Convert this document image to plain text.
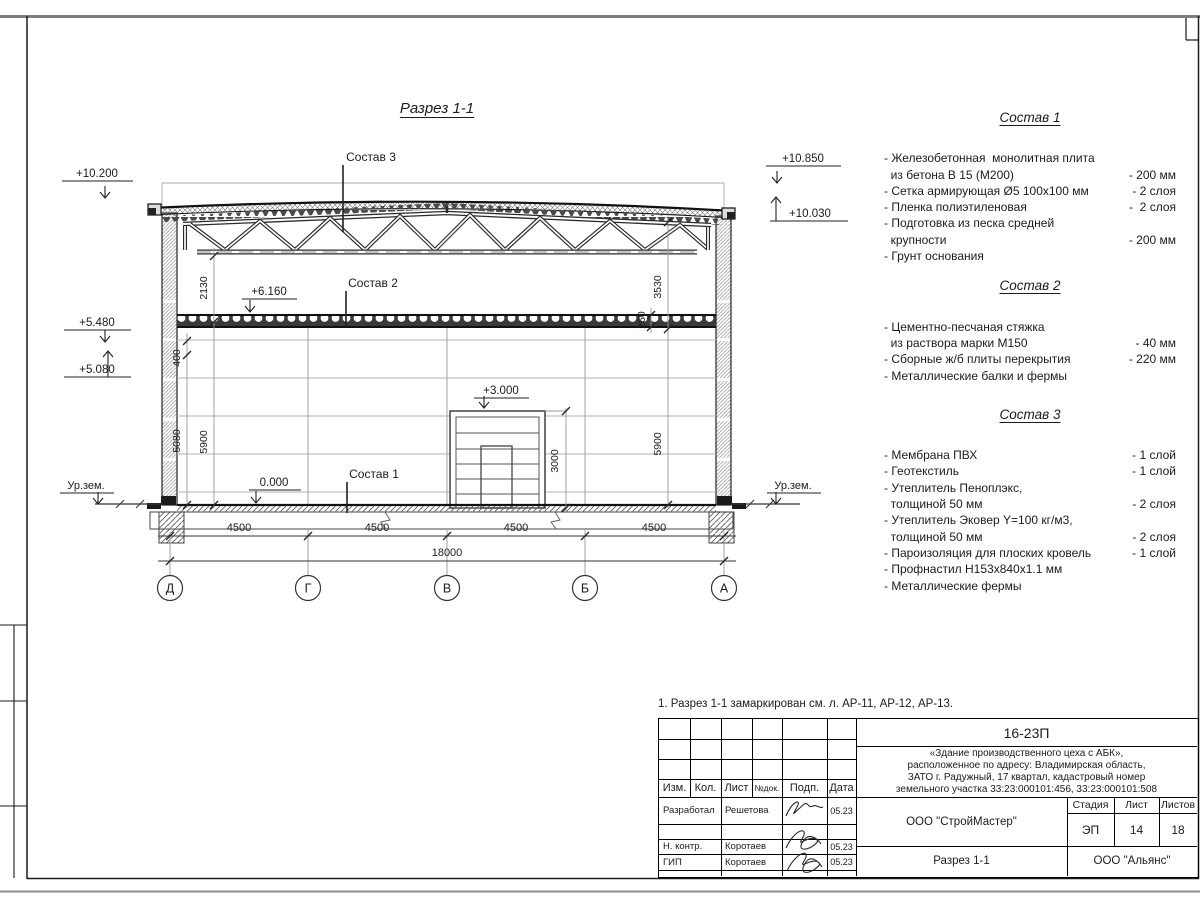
4500	4500	4500	4500
18000
Д	Г	В	Б	А
400
5080
2130
5900
260
3530
5900
3000
+10.200
+5.480
+5.080
Ур.зем.
+10.850
+10.030
+6.160
+3.000
0.000	Ур.зем.
Состав 3
Состав 2
Состав 1
Разрез 1-1
Состав 1
- Железобетонная  монолитная плита
из бетона В 15 (М200)	- 200 мм
- Сетка армирующая Ø5 100х100 мм	- 2 слоя
- Пленка полиэтиленовая	-  2 слоя
- Подготовка из песка средней
крупности	- 200 мм
- Грунт основания
Состав 2
- Цементно-песчаная стяжка
из раствора марки М150	- 40 мм
- Сборные ж/б плиты перекрытия	- 220 мм
- Металлические балки и фермы
Состав 3
- Мембрана ПВХ	- 1 слой
- Геотекстиль	- 1 слой
- Утеплитель Пеноплэкс,
толщиной 50 мм	- 2 слоя
- Утеплитель Эковер Y=100 кг/м3,
толщиной 50 мм	- 2 слоя
- Пароизоляция для плоских кровель	- 1 слой
- Профнастил Н153х840х1.1 мм
- Металлические фермы
1. Разрез 1-1 замаркирован см. л. АР-11, АР-12, АР-13.
Изм. Кол. Лист №док. Подп. Дата
Разработал	Решетова	05.23
Н. контр.	Коротаев	05.23
ГИП	Коротаев	05.23
16-23П
«Здание производственного цеха с АБК»,
расположенное по адресу: Владимирская область,
ЗАТО г. Радужный, 17 квартал, кадастровый номер
земельного участка 33:23:000101:456, 33:23:000101:508
ООО "СтройМастер"
Разрез 1-1
Стадия	Лист	Листов
ЭП	14	18
ООО "Альянс"
